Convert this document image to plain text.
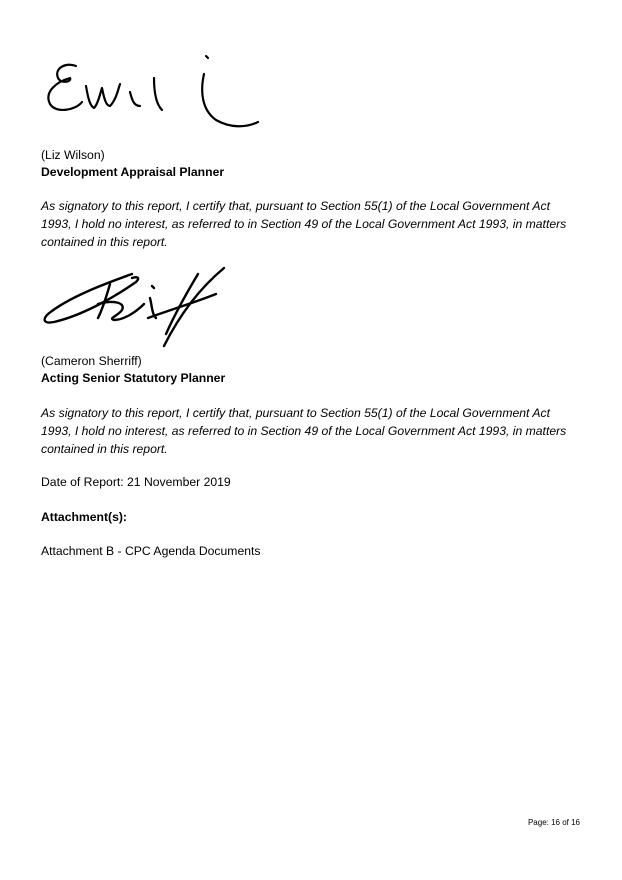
(Liz Wilson)
Development Appraisal Planner
As signatory to this report, I certify that, pursuant to Section 55(1) of the Local Government Act 1993, I hold no interest, as referred to in Section 49 of the Local Government Act 1993, in matters contained in this report.
(Cameron Sherriff)
Acting Senior Statutory Planner
As signatory to this report, I certify that, pursuant to Section 55(1) of the Local Government Act 1993, I hold no interest, as referred to in Section 49 of the Local Government Act 1993, in matters contained in this report.
Date of Report: 21 November 2019
Attachment(s):
Attachment B - CPC Agenda Documents
Page: 16 of 16
